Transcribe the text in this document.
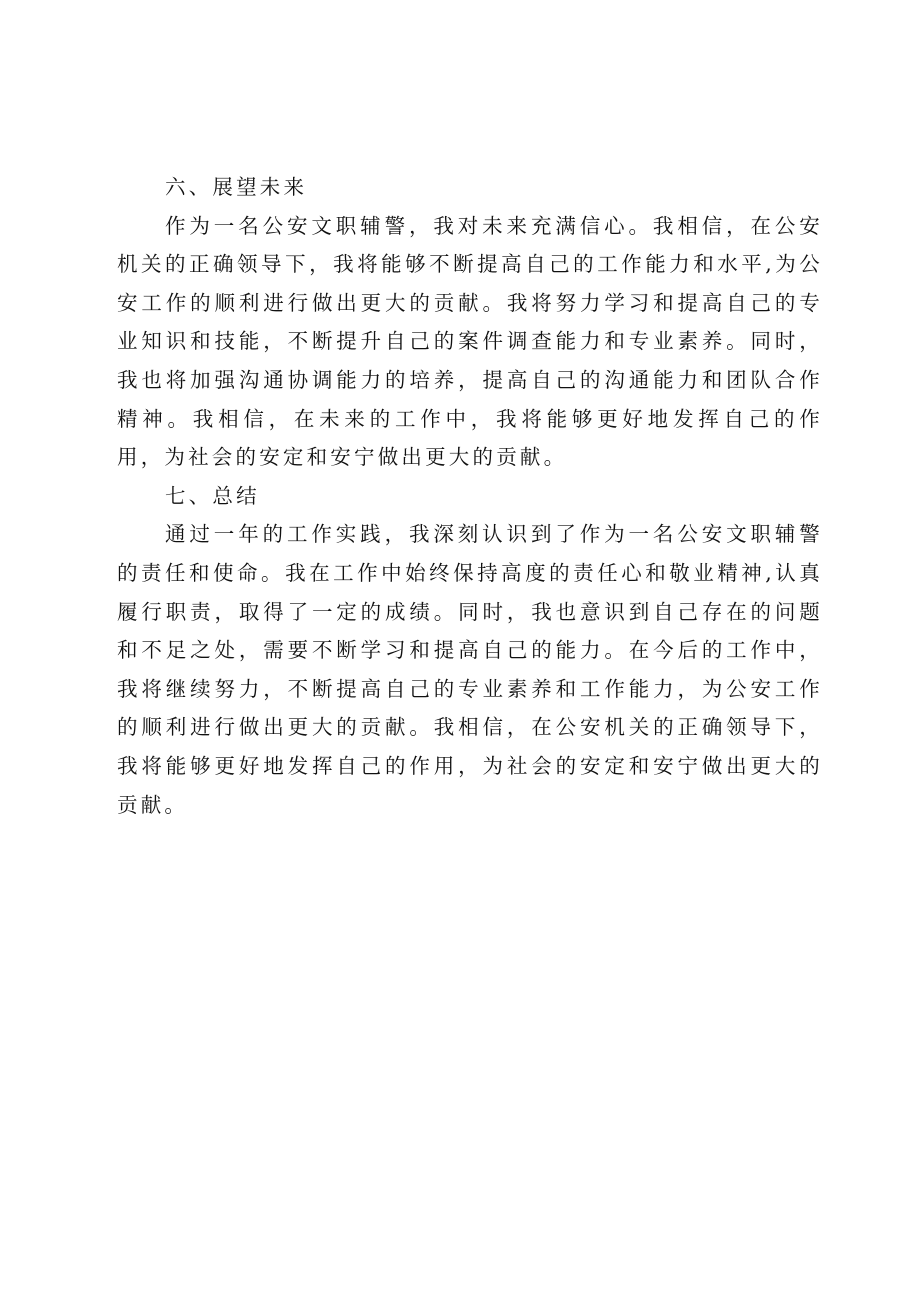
六、展望未来

作为一名公安文职辅警，我对未来充满信心。我相信，在公安机关的正确领导下，我将能够不断提高自己的工作能力和水平,为公安工作的顺利进行做出更大的贡献。我将努力学习和提高自己的专业知识和技能，不断提升自己的案件调查能力和专业素养。同时，我也将加强沟通协调能力的培养，提高自己的沟通能力和团队合作精神。我相信，在未来的工作中，我将能够更好地发挥自己的作用，为社会的安定和安宁做出更大的贡献。

七、总结

通过一年的工作实践，我深刻认识到了作为一名公安文职辅警的责任和使命。我在工作中始终保持高度的责任心和敬业精神,认真履行职责，取得了一定的成绩。同时，我也意识到自己存在的问题和不足之处，需要不断学习和提高自己的能力。在今后的工作中，我将继续努力，不断提高自己的专业素养和工作能力，为公安工作的顺利进行做出更大的贡献。我相信，在公安机关的正确领导下，我将能够更好地发挥自己的作用，为社会的安定和安宁做出更大的贡献。
